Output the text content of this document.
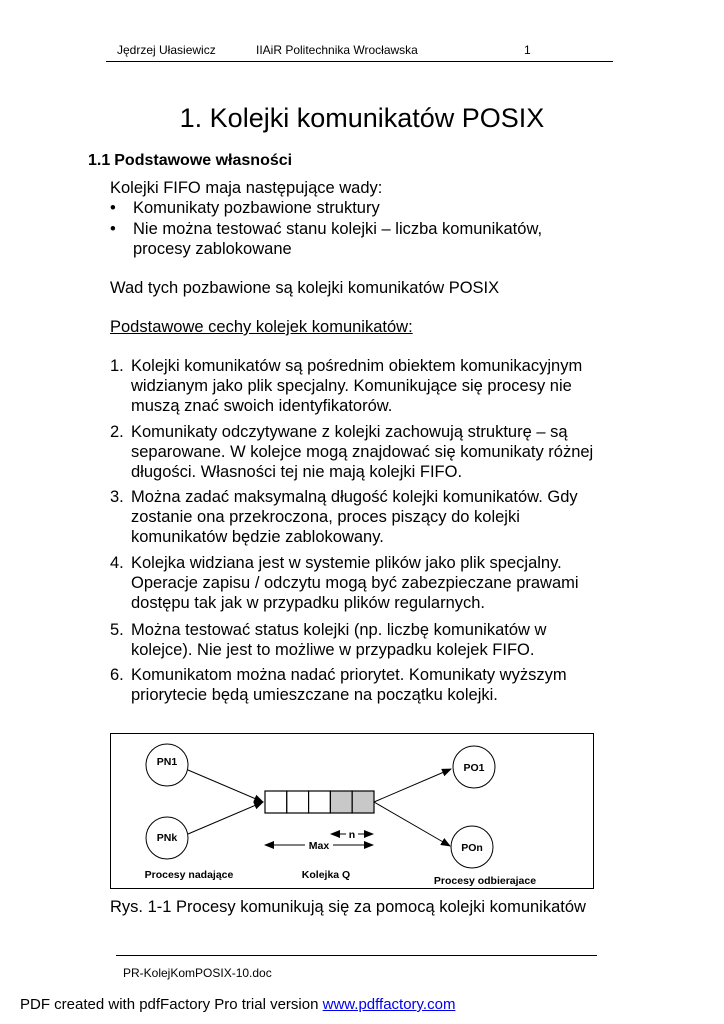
Jędrzej Ułasiewicz	IIAiR Politechnika Wrocławska	1
1. Kolejki komunikatów POSIX
1.1 Podstawowe własności
Kolejki FIFO maja następujące wady:
• Komunikaty pozbawione struktury
• Nie można testować stanu kolejki – liczba komunikatów,
procesy zablokowane
Wad tych pozbawione są kolejki komunikatów POSIX
Podstawowe cechy kolejek komunikatów:
1. Kolejki komunikatów są pośrednim obiektem komunikacyjnym
widzianym jako plik specjalny. Komunikujące się procesy nie
muszą znać swoich identyfikatorów.
2. Komunikaty odczytywane z kolejki zachowują strukturę – są
separowane. W kolejce mogą znajdować się komunikaty różnej
długości. Własności tej nie mają kolejki FIFO.
3. Można zadać maksymalną długość kolejki komunikatów. Gdy
zostanie ona przekroczona, proces piszący do kolejki
komunikatów będzie zablokowany.
4. Kolejka widziana jest w systemie plików jako plik specjalny.
Operacje zapisu / odczytu mogą być zabezpieczane prawami
dostępu tak jak w przypadku plików regularnych.
5. Można testować status kolejki (np. liczbę komunikatów w
kolejce). Nie jest to możliwe w przypadku kolejek FIFO.
6. Komunikatom można nadać priorytet. Komunikaty wyższym
priorytecie będą umieszczane na początku kolejki.
PN1
PNk
PO1
POn
n
Max
Procesy nadające	Kolejka Q	Procesy odbierajace
Rys. 1-1 Procesy komunikują się za pomocą kolejki komunikatów
PR-KolejKomPOSIX-10.doc
PDF created with pdfFactory Pro trial version www.pdffactory.com
